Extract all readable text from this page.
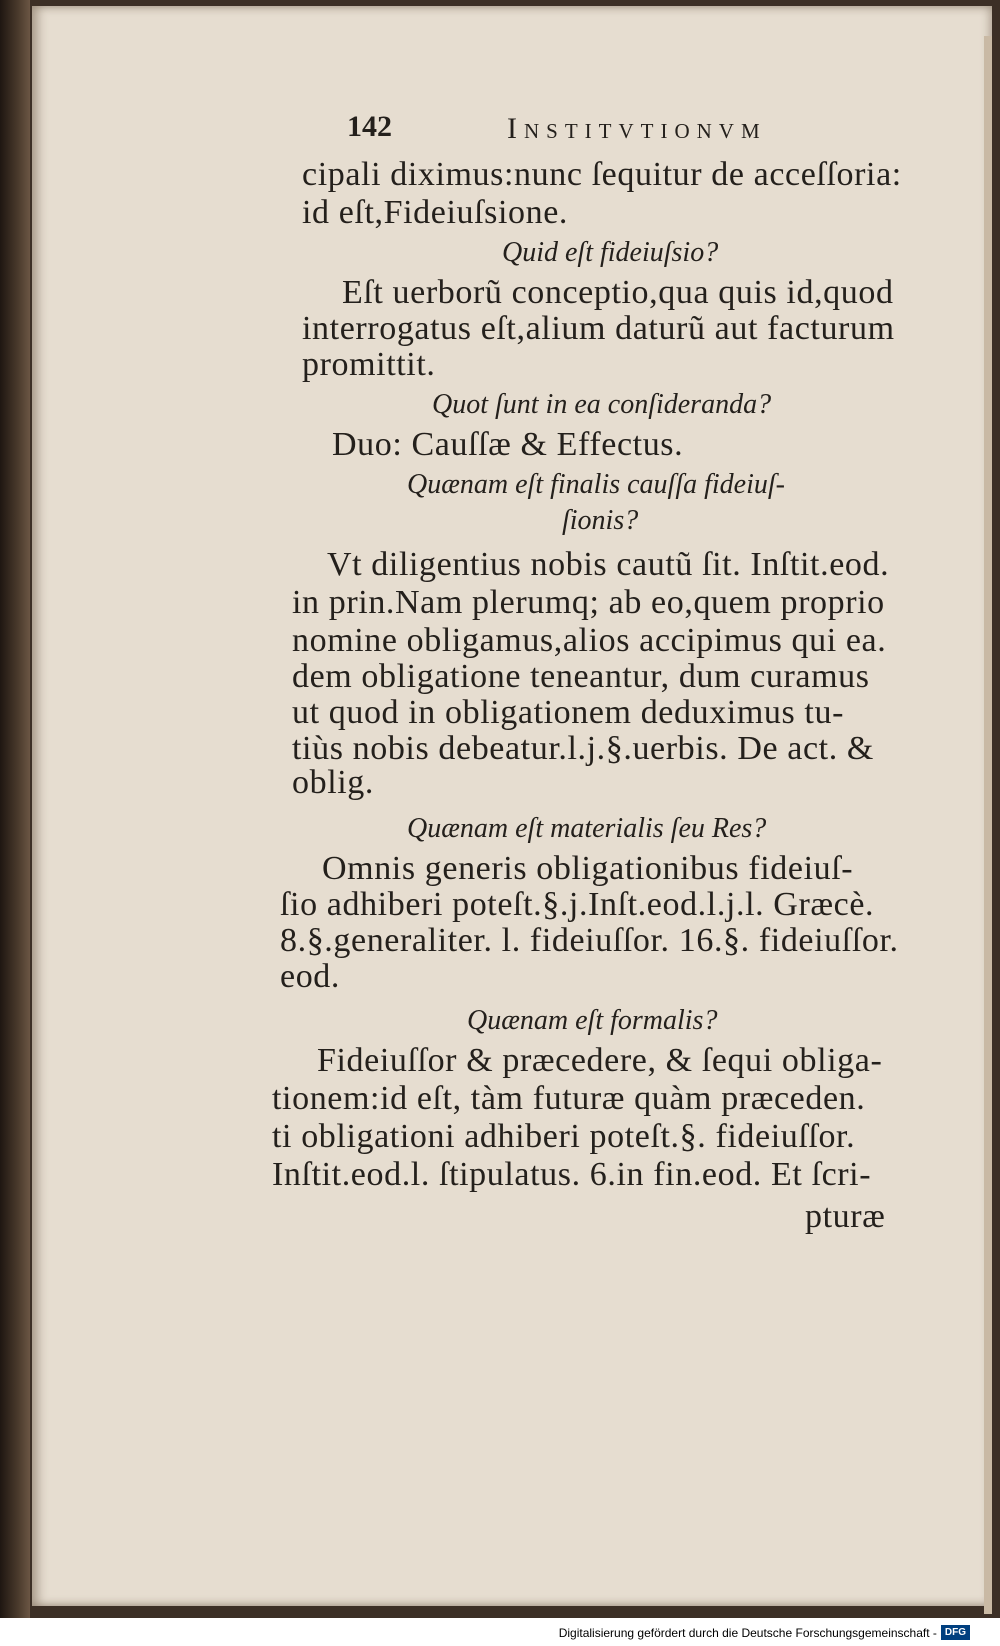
142	Institvtionvm
cipali diximus:nunc ſequitur de acceſſoria:
id eſt,Fideiuſsione.
Quid eſt fideiuſsio?
Eſt uerborũ conceptio,qua quis id,quod
interrogatus eſt,alium daturũ aut facturum
promittit.
Quot ſunt in ea conſideranda?
Duo: Cauſſæ & Effectus.
Quænam eſt finalis cauſſa fideiuſ-
ſionis?
Vt diligentius nobis cautũ ſit. Inſtit.eod.
in prin.Nam plerumq; ab eo,quem proprio
nomine obligamus,alios accipimus qui ea.
dem obligatione teneantur, dum curamus
ut quod in obligationem deduximus tu-
tiùs nobis debeatur.l.j.§.uerbis. De act. &
oblig.
Quænam eſt materialis ſeu Res?
Omnis generis obligationibus fideiuſ-
ſio adhiberi poteſt.§.j.Inſt.eod.l.j.l. Græcè.
8.§.generaliter. l. fideiuſſor. 16.§. fideiuſſor.
eod.
Quænam eſt formalis?
Fideiuſſor & præcedere, & ſequi obliga-
tionem:id eſt, tàm futuræ quàm præceden.
ti obligationi adhiberi poteſt.§. fideiuſſor.
Inſtit.eod.l. ſtipulatus. 6.in fin.eod. Et ſcri-
pturæ
Digitalisierung gefördert durch die Deutsche Forschungsgemeinschaft - DFG
